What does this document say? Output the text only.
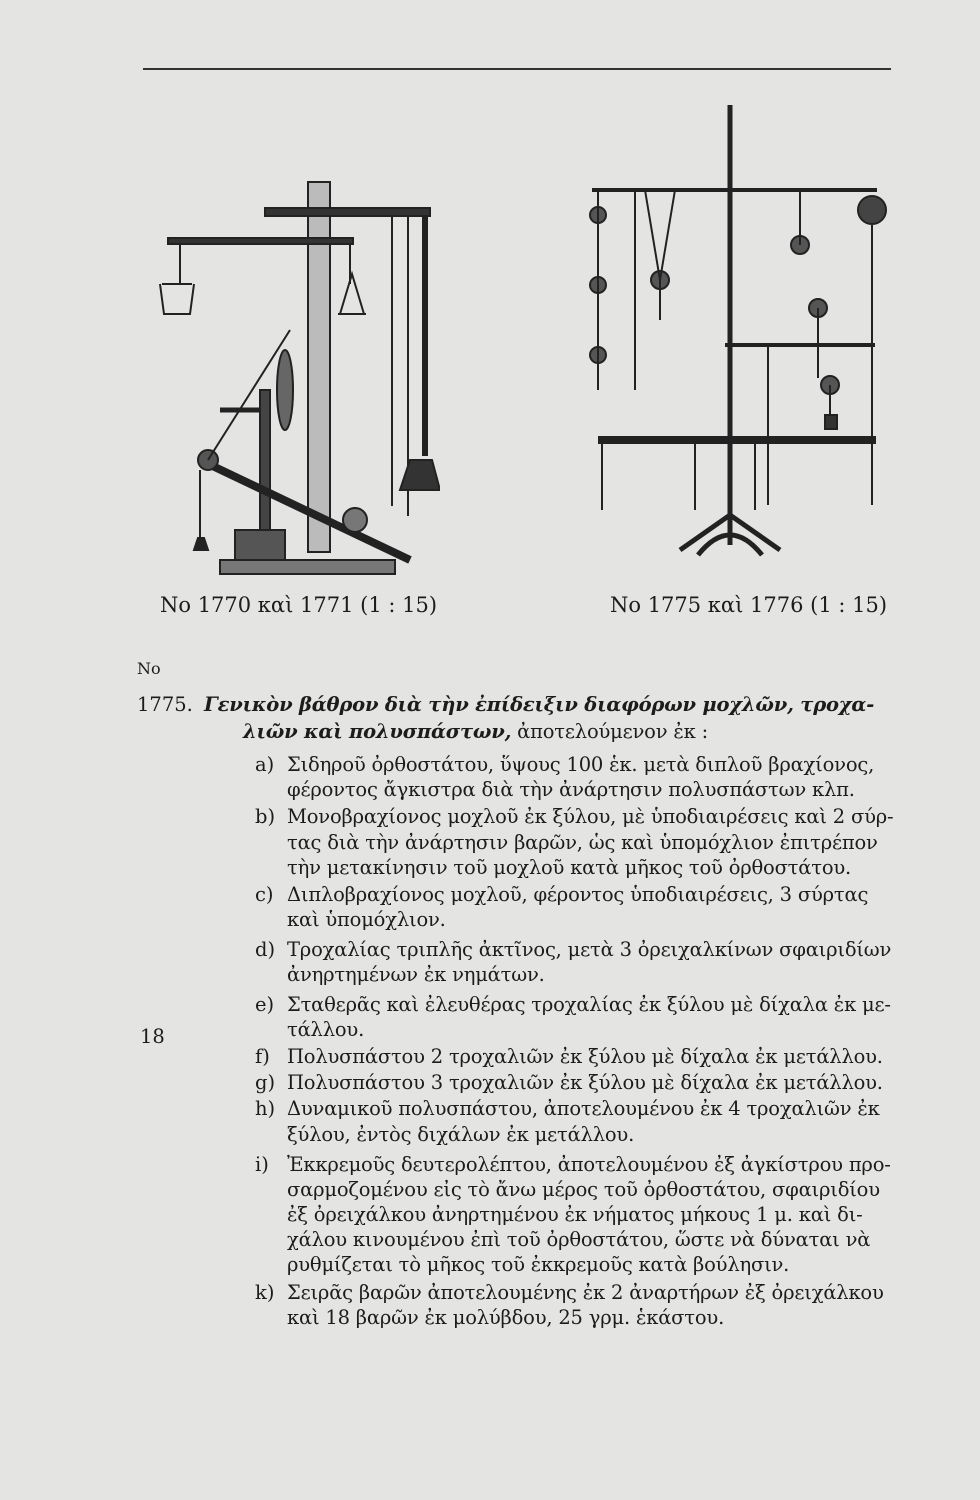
No 1770 καὶ 1771 (1 : 15)	No 1775 καὶ 1776 (1 : 15)
No
1775. Γενικὸν βάθρον διὰ τὴν ἐπίδειξιν διαφόρων μοχλῶν, τροχα-
λιῶν καὶ πολυσπάστων, ἀποτελούμενον ἐκ :
a) Σιδηροῦ ὀρθοστάτου, ὕψους 100 ἑκ. μετὰ διπλοῦ βραχίονος,
φέροντος ἄγκιστρα διὰ τὴν ἀνάρτησιν πολυσπάστων κλπ.
b) Μονοβραχίονος μοχλοῦ ἐκ ξύλου, μὲ ὑποδιαιρέσεις καὶ 2 σύρ-
τας διὰ τὴν ἀνάρτησιν βαρῶν, ὡς καὶ ὑπομόχλιον ἐπιτρέπον
τὴν μετακίνησιν τοῦ μοχλοῦ κατὰ μῆκος τοῦ ὀρθοστάτου.
c) Διπλοβραχίονος μοχλοῦ, φέροντος ὑποδιαιρέσεις, 3 σύρτας
καὶ ὑπομόχλιον.
d) Τροχαλίας τριπλῆς ἀκτῖνος, μετὰ 3 ὀρειχαλκίνων σφαιριδίων
ἀνηρτημένων ἐκ νημάτων.
e) Σταθερᾶς καὶ ἐλευθέρας τροχαλίας ἐκ ξύλου μὲ δίχαλα ἐκ με-
τάλλου.
f) Πολυσπάστου 2 τροχαλιῶν ἐκ ξύλου μὲ δίχαλα ἐκ μετάλλου.
g) Πολυσπάστου 3 τροχαλιῶν ἐκ ξύλου μὲ δίχαλα ἐκ μετάλλου.
h) Δυναμικοῦ πολυσπάστου, ἀποτελουμένου ἐκ 4 τροχαλιῶν ἐκ
ξύλου, ἐντὸς διχάλων ἐκ μετάλλου.
i) Ἐκκρεμοῦς δευτερολέπτου, ἀποτελουμένου ἐξ ἀγκίστρου προ-
σαρμοζομένου εἰς τὸ ἄνω μέρος τοῦ ὀρθοστάτου, σφαιριδίου
ἐξ ὀρειχάλκου ἀνηρτημένου ἐκ νήματος μήκους 1 μ. καὶ δι-
χάλου κινουμένου ἐπὶ τοῦ ὀρθοστάτου, ὥστε νὰ δύναται νὰ
ρυθμίζεται τὸ μῆκος τοῦ ἐκκρεμοῦς κατὰ βούλησιν.
k) Σειρᾶς βαρῶν ἀποτελουμένης ἐκ 2 ἀναρτήρων ἐξ ὀρειχάλκου
καὶ 18 βαρῶν ἐκ μολύβδου, 25 γρμ. ἑκάστου.
18
